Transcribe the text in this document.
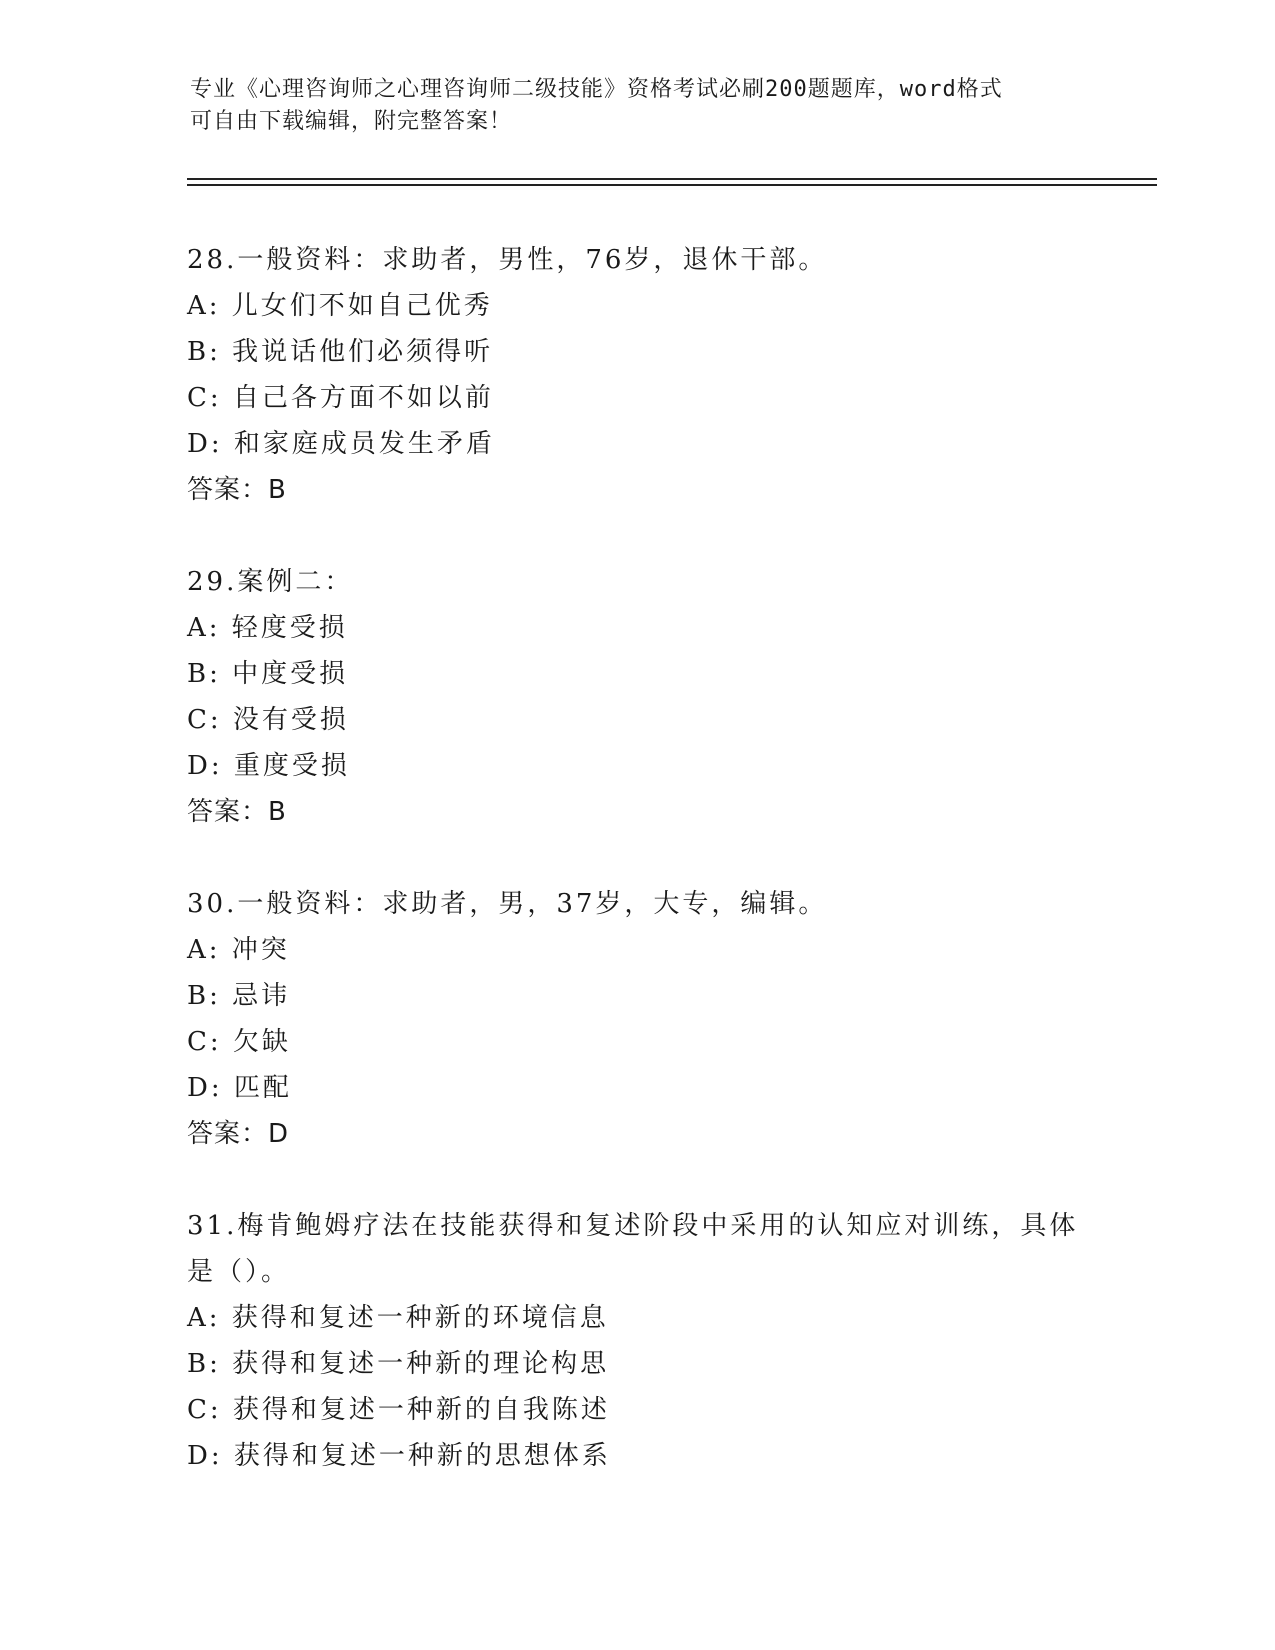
专业《心理咨询师之心理咨询师二级技能》资格考试必刷200题题库，word格式
可自由下载编辑，附完整答案！
28.一般资料：求助者，男性，76岁，退休干部。
A: 儿女们不如自己优秀
B: 我说话他们必须得听
C: 自己各方面不如以前
D: 和家庭成员发生矛盾
答案：B
29.案例二：
A: 轻度受损
B: 中度受损
C: 没有受损
D: 重度受损
答案：B
30.一般资料：求助者，男，37岁，大专，编辑。
A: 冲突
B: 忌讳
C: 欠缺
D: 匹配
答案：D
31.梅肯鲍姆疗法在技能获得和复述阶段中采用的认知应对训练，具体
是（）。
A: 获得和复述一种新的环境信息
B: 获得和复述一种新的理论构思
C: 获得和复述一种新的自我陈述
D: 获得和复述一种新的思想体系
